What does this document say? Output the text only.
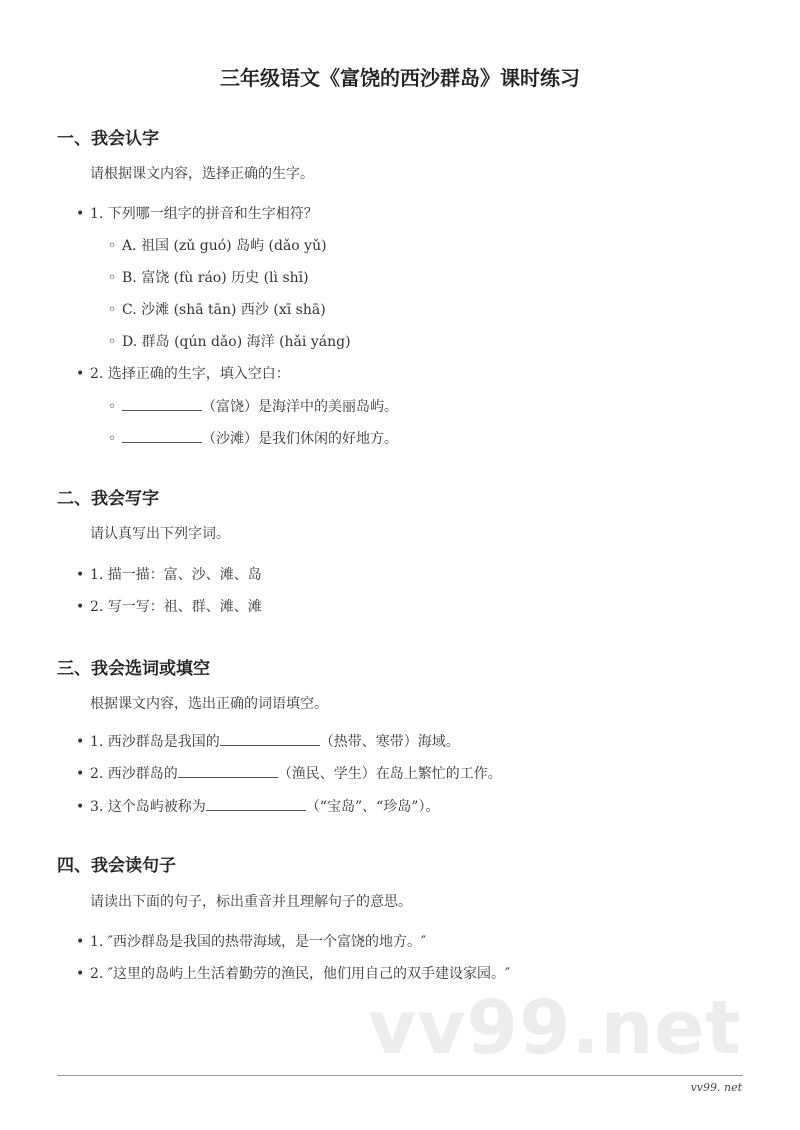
vv99.net
三年级语文《富饶的西沙群岛》课时练习
一、我会认字
请根据课文内容，选择正确的生字。
• 1. 下列哪一组字的拼音和生字相符？
◦ A. 祖国 (zǔ guó) 岛屿 (dǎo yǔ)
◦ B. 富饶 (fù ráo) 历史 (lì shī)
◦ C. 沙滩 (shā tān) 西沙 (xī shā)
◦ D. 群岛 (qún dǎo) 海洋 (hǎi yáng)
• 2. 选择正确的生字，填入空白：
◦ （富饶）是海洋中的美丽岛屿。
◦ （沙滩）是我们休闲的好地方。
二、我会写字
请认真写出下列字词。
• 1. 描一描：富、沙、滩、岛
• 2. 写一写：祖、群、滩、滩
三、我会选词或填空
根据课文内容，选出正确的词语填空。
• 1. 西沙群岛是我国的	（热带、寒带）海域。
• 2. 西沙群岛的	（渔民、学生）在岛上繁忙的工作。
• 3. 这个岛屿被称为	（“宝岛”、“珍岛”）。
四、我会读句子
请读出下面的句子，标出重音并且理解句子的意思。
• 1. ″西沙群岛是我国的热带海域，是一个富饶的地方。″
• 2. ″这里的岛屿上生活着勤劳的渔民，他们用自己的双手建设家园。″
vv99. net
